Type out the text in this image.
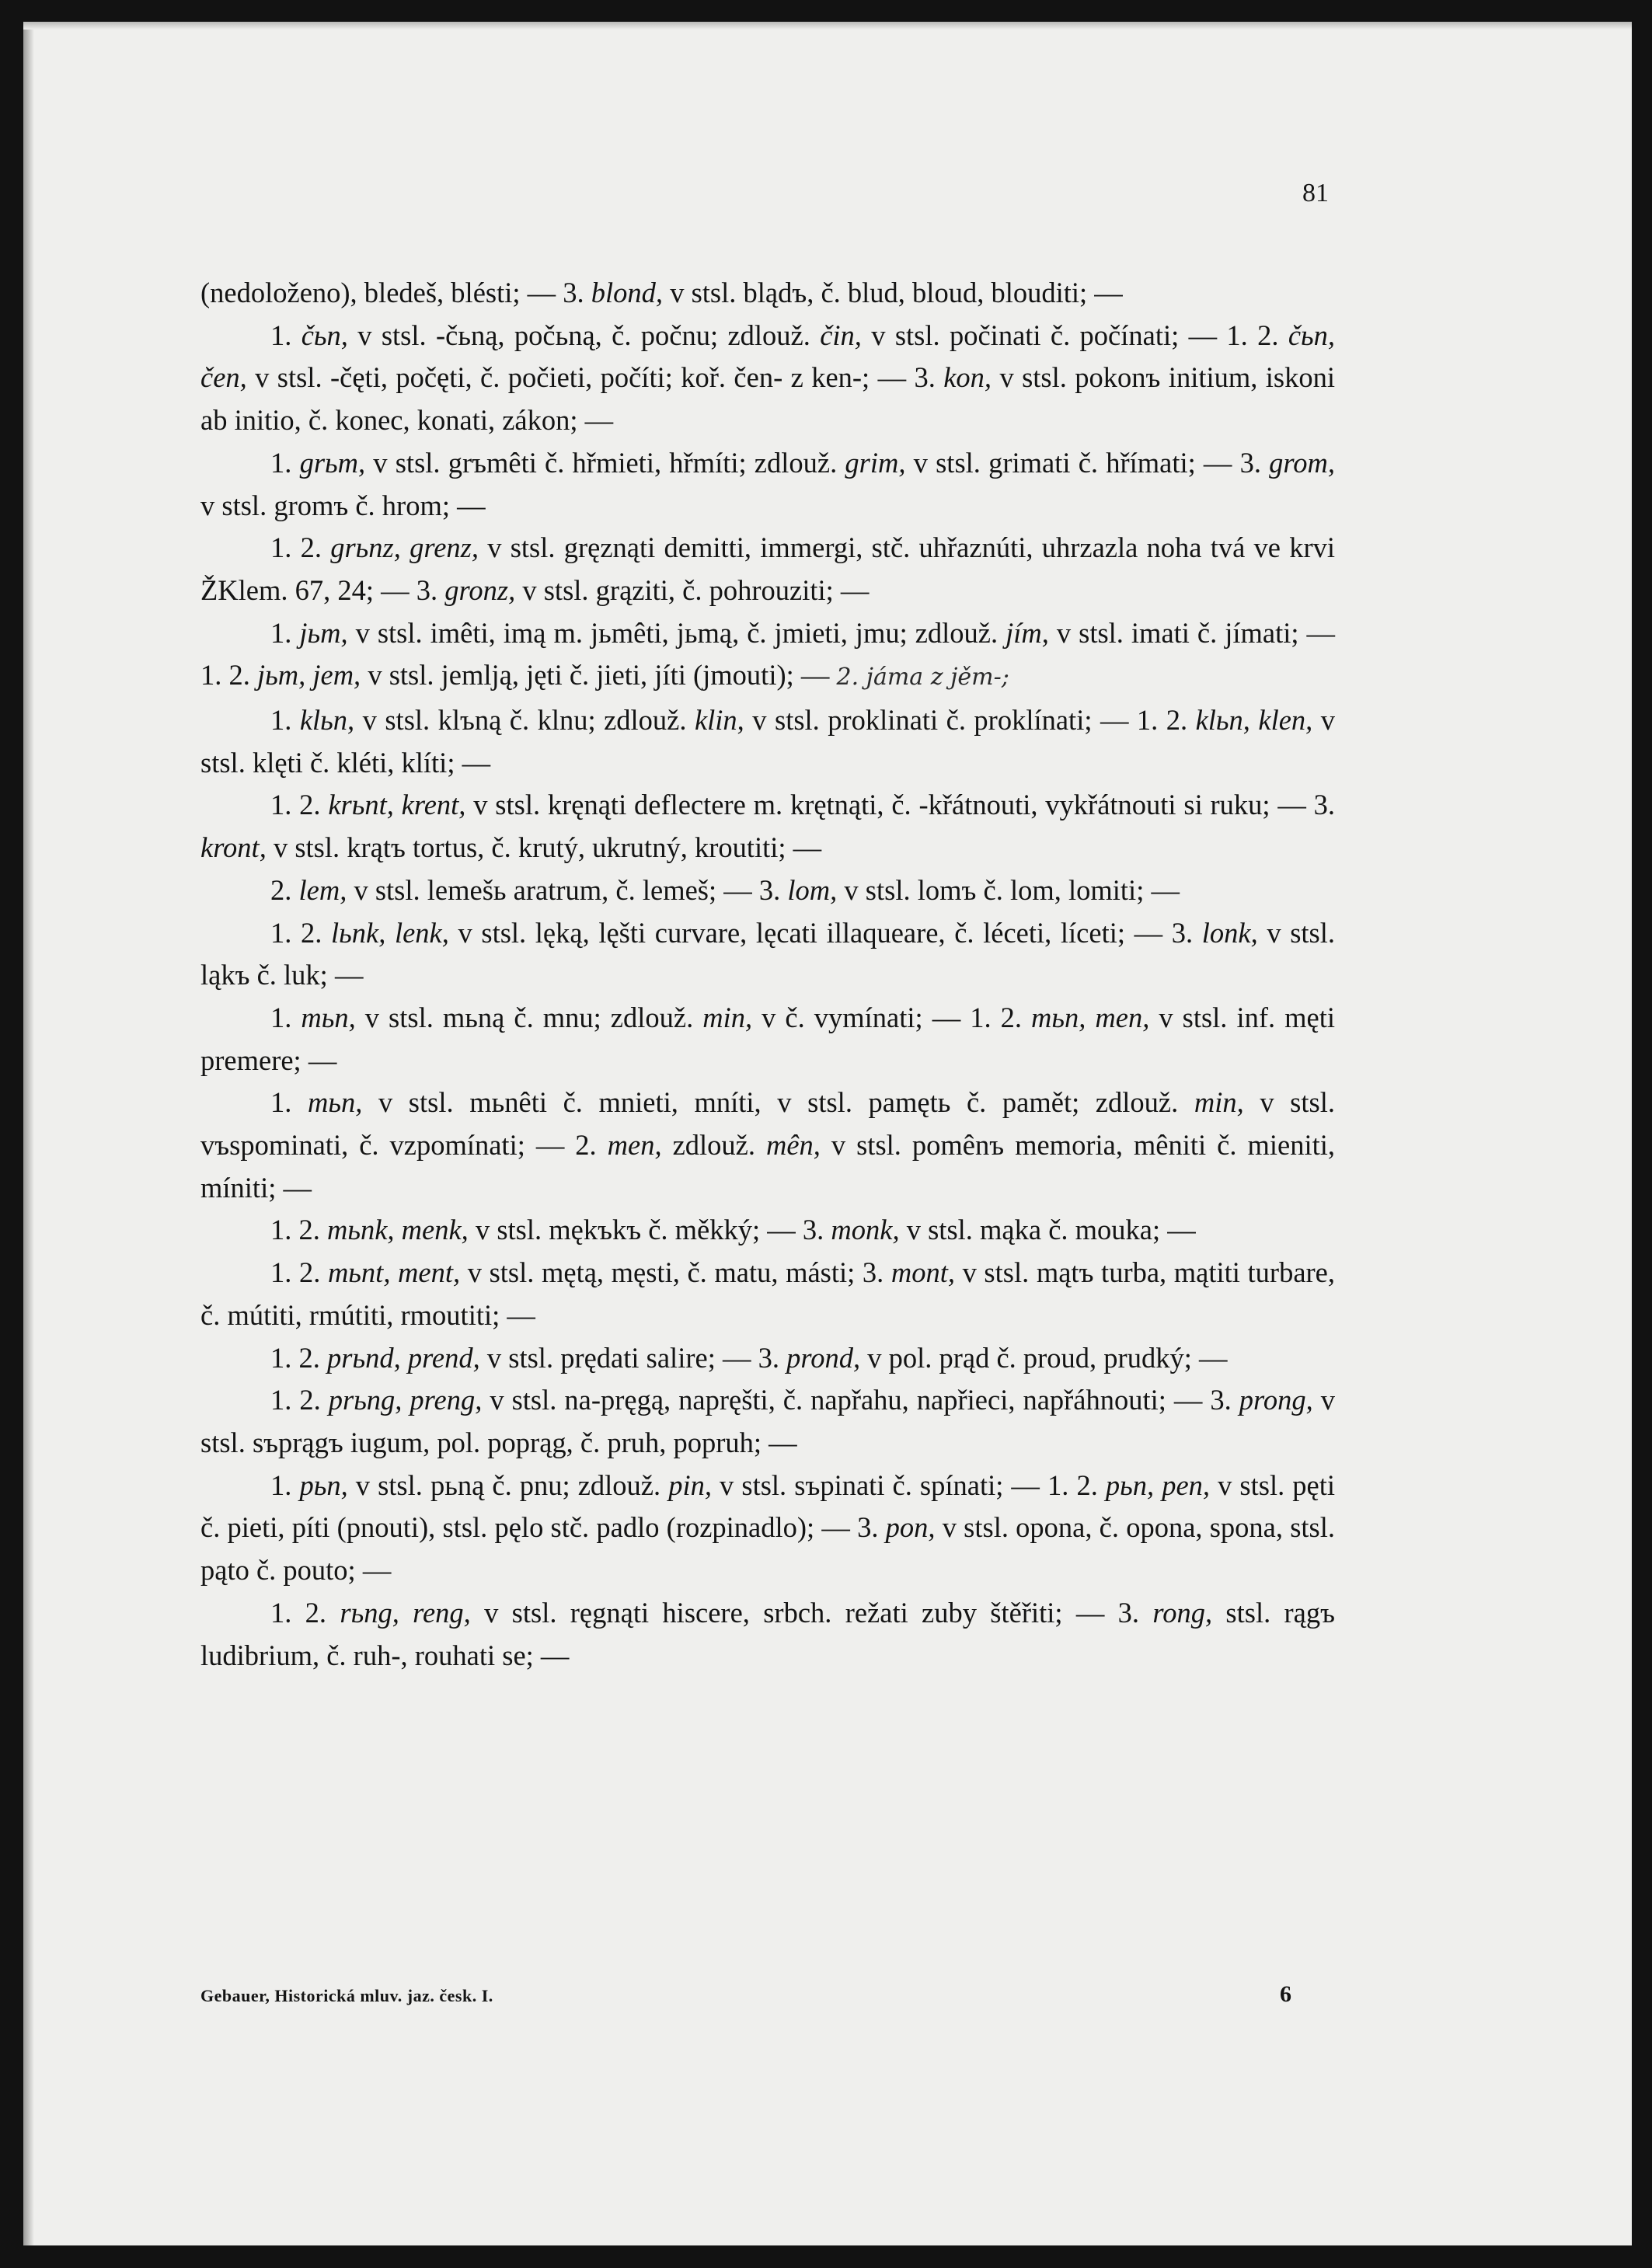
81

(nedoloženo), bledeš, blésti; — 3. blond, v stsl. blądъ, č. blud, bloud, blouditi; —

1. čьn, v stsl. -čьną, počьną, č. počnu; zdlouž. čin, v stsl. počinati č. počínati; — 1. 2. čьn, čen, v stsl. -čęti, počęti, č. počieti, počíti; koř. čen- z ken-; — 3. kon, v stsl. pokonъ initium, iskoni ab initio, č. konec, konati, zákon; —

1. grьm, v stsl. grъmêti č. hřmieti, hřmíti; zdlouž. grim, v stsl. grimati č. hřímati; — 3. grom, v stsl. gromъ č. hrom; —

1. 2. grьnz, grenz, v stsl. gręznąti demitti, immergi, stč. uhřaznúti, uhrzazla noha tvá ve krvi ŽKlem. 67, 24; — 3. gronz, v stsl. grąziti, č. pohrouziti; —

1. jьm, v stsl. imêti, imą m. jьmêti, jьmą, č. jmieti, jmu; zdlouž. jím, v stsl. imati č. jímati; — 1. 2. jьm, jem, v stsl. jemlją, jęti č. jieti, jíti (jmouti); — 2. jáma z jěm-;

1. klьn, v stsl. klъną č. klnu; zdlouž. klin, v stsl. proklinati č. proklínati; — 1. 2. klьn, klen, v stsl. klęti č. kléti, klíti; —

1. 2. krьnt, krent, v stsl. kręnąti deflectere m. krętnąti, č. -křátnouti, vykřátnouti si ruku; — 3. kront, v stsl. krątъ tortus, č. krutý, ukrutný, kroutiti; —

2. lem, v stsl. lemešь aratrum, č. lemeš; — 3. lom, v stsl. lomъ č. lom, lomiti; —

1. 2. lьnk, lenk, v stsl. lęką, lęšti curvare, lęcati illaqueare, č. léceti, líceti; — 3. lonk, v stsl. ląkъ č. luk; —

1. mьn, v stsl. mьną č. mnu; zdlouž. min, v č. vymínati; — 1. 2. mьn, men, v stsl. inf. męti premere; —

1. mьn, v stsl. mьnêti č. mnieti, mníti, v stsl. pamętь č. pamět; zdlouž. min, v stsl. vъspominati, č. vzpomínati; — 2. men, zdlouž. mên, v stsl. pomênъ memoria, mêniti č. mieniti, míniti; —

1. 2. mьnk, menk, v stsl. mękъkъ č. měkký; — 3. monk, v stsl. mąka č. mouka; —

1. 2. mьnt, ment, v stsl. mętą, męsti, č. matu, másti; 3. mont, v stsl. mątъ turba, mątiti turbare, č. mútiti, rmútiti, rmoutiti; —

1. 2. prьnd, prend, v stsl. prędati salire; — 3. prond, v pol. prąd č. proud, prudký; —

1. 2. prьng, preng, v stsl. na-pręgą, napręšti, č. napřahu, napřieci, napřáhnouti; — 3. prong, v stsl. sъprągъ iugum, pol. poprąg, č. pruh, popruh; —

1. pьn, v stsl. pьną č. pnu; zdlouž. pin, v stsl. sъpinati č. spínati; — 1. 2. pьn, pen, v stsl. pęti č. pieti, píti (pnouti), stsl. pęlo stč. padlo (rozpinadlo); — 3. pon, v stsl. opona, č. opona, spona, stsl. pąto č. pouto; —

1. 2. rьng, reng, v stsl. ręgnąti hiscere, srbch. režati zuby štěřiti; — 3. rong, stsl. rągъ ludibrium, č. ruh-, rouhati se; —

Gebauer, Historická mluv. jaz. česk. I.	6
